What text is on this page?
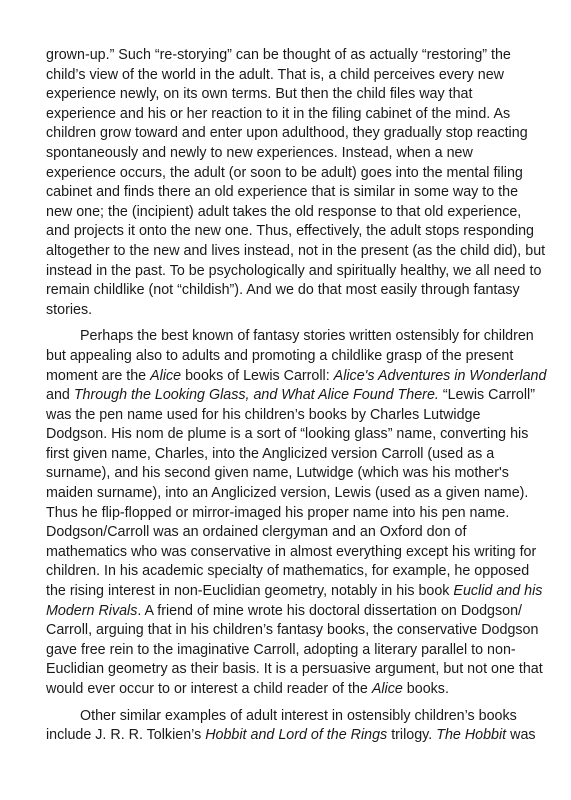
grown-up.” Such “re-storying” can be thought of as actually “restoring” the
child’s view of the world in the adult. That is, a child perceives every new
experience newly, on its own terms. But then the child files way that
experience and his or her reaction to it in the filing cabinet of the mind. As
children grow toward and enter upon adulthood, they gradually stop reacting
spontaneously and newly to new experiences. Instead, when a new
experience occurs, the adult (or soon to be adult) goes into the mental filing
cabinet and finds there an old experience that is similar in some way to the
new one; the (incipient) adult takes the old response to that old experience,
and projects it onto the new one. Thus, effectively, the adult stops responding
altogether to the new and lives instead, not in the present (as the child did), but
instead in the past. To be psychologically and spiritually healthy, we all need to
remain childlike (not “childish”). And we do that most easily through fantasy
stories.

Perhaps the best known of fantasy stories written ostensibly for children
but appealing also to adults and promoting a childlike grasp of the present
moment are the Alice books of Lewis Carroll: Alice's Adventures in Wonderland
and Through the Looking Glass, and What Alice Found There. “Lewis Carroll”
was the pen name used for his children’s books by Charles Lutwidge
Dodgson. His nom de plume is a sort of “looking glass” name, converting his
first given name, Charles, into the Anglicized version Carroll (used as a
surname), and his second given name, Lutwidge (which was his mother's
maiden surname), into an Anglicized version, Lewis (used as a given name).
Thus he flip-flopped or mirror-imaged his proper name into his pen name.
Dodgson/Carroll was an ordained clergyman and an Oxford don of
mathematics who was conservative in almost everything except his writing for
children. In his academic specialty of mathematics, for example, he opposed
the rising interest in non-Euclidian geometry, notably in his book Euclid and his
Modern Rivals. A friend of mine wrote his doctoral dissertation on Dodgson/
Carroll, arguing that in his children’s fantasy books, the conservative Dodgson
gave free rein to the imaginative Carroll, adopting a literary parallel to non-
Euclidian geometry as their basis. It is a persuasive argument, but not one that
would ever occur to or interest a child reader of the Alice books.

Other similar examples of adult interest in ostensibly children’s books
include J. R. R. Tolkien’s Hobbit and Lord of the Rings trilogy. The Hobbit was
